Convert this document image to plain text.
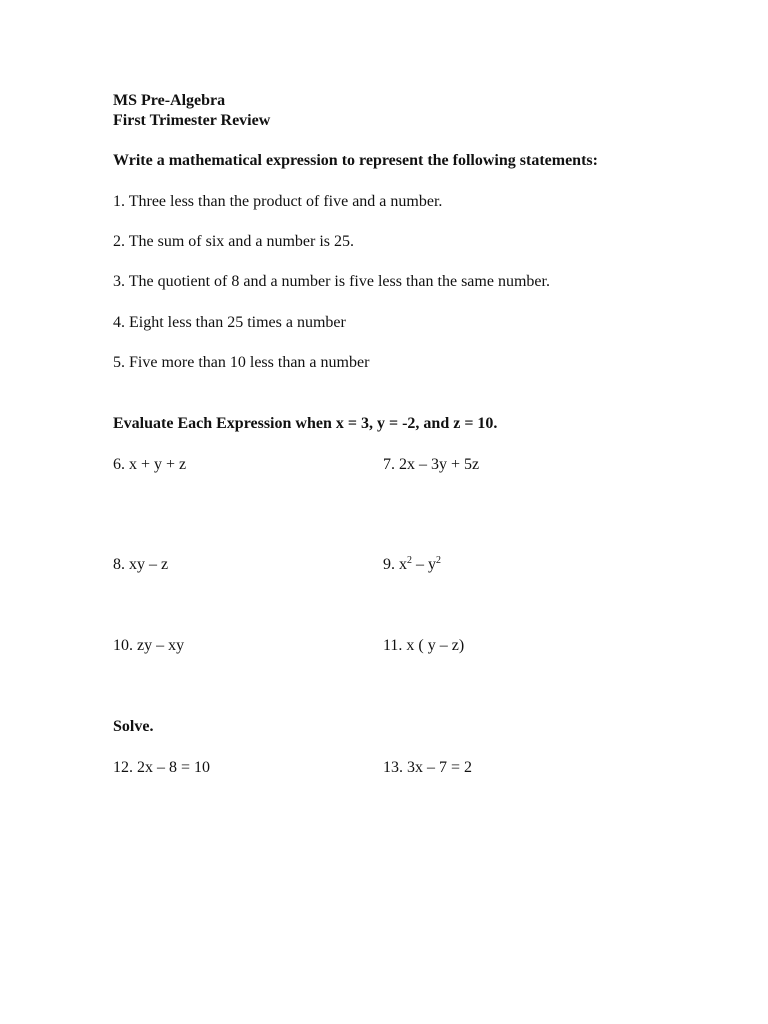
MS Pre-Algebra
First Trimester Review
Write a mathematical expression to represent the following statements:
1. Three less than the product of five and a number.
2. The sum of six and a number is 25.
3. The quotient of 8 and a number is five less than the same number.
4. Eight less than 25 times a number
5. Five more than 10 less than a number
Evaluate Each Expression when x = 3, y = -2, and z = 10.
6. x + y + z	7. 2x – 3y + 5z
8. xy – z	9. $x^2 - y^2$
10. zy – xy	11. x ( y – z)
Solve.
12. 2x – 8 = 10	13. 3x – 7 = 2
